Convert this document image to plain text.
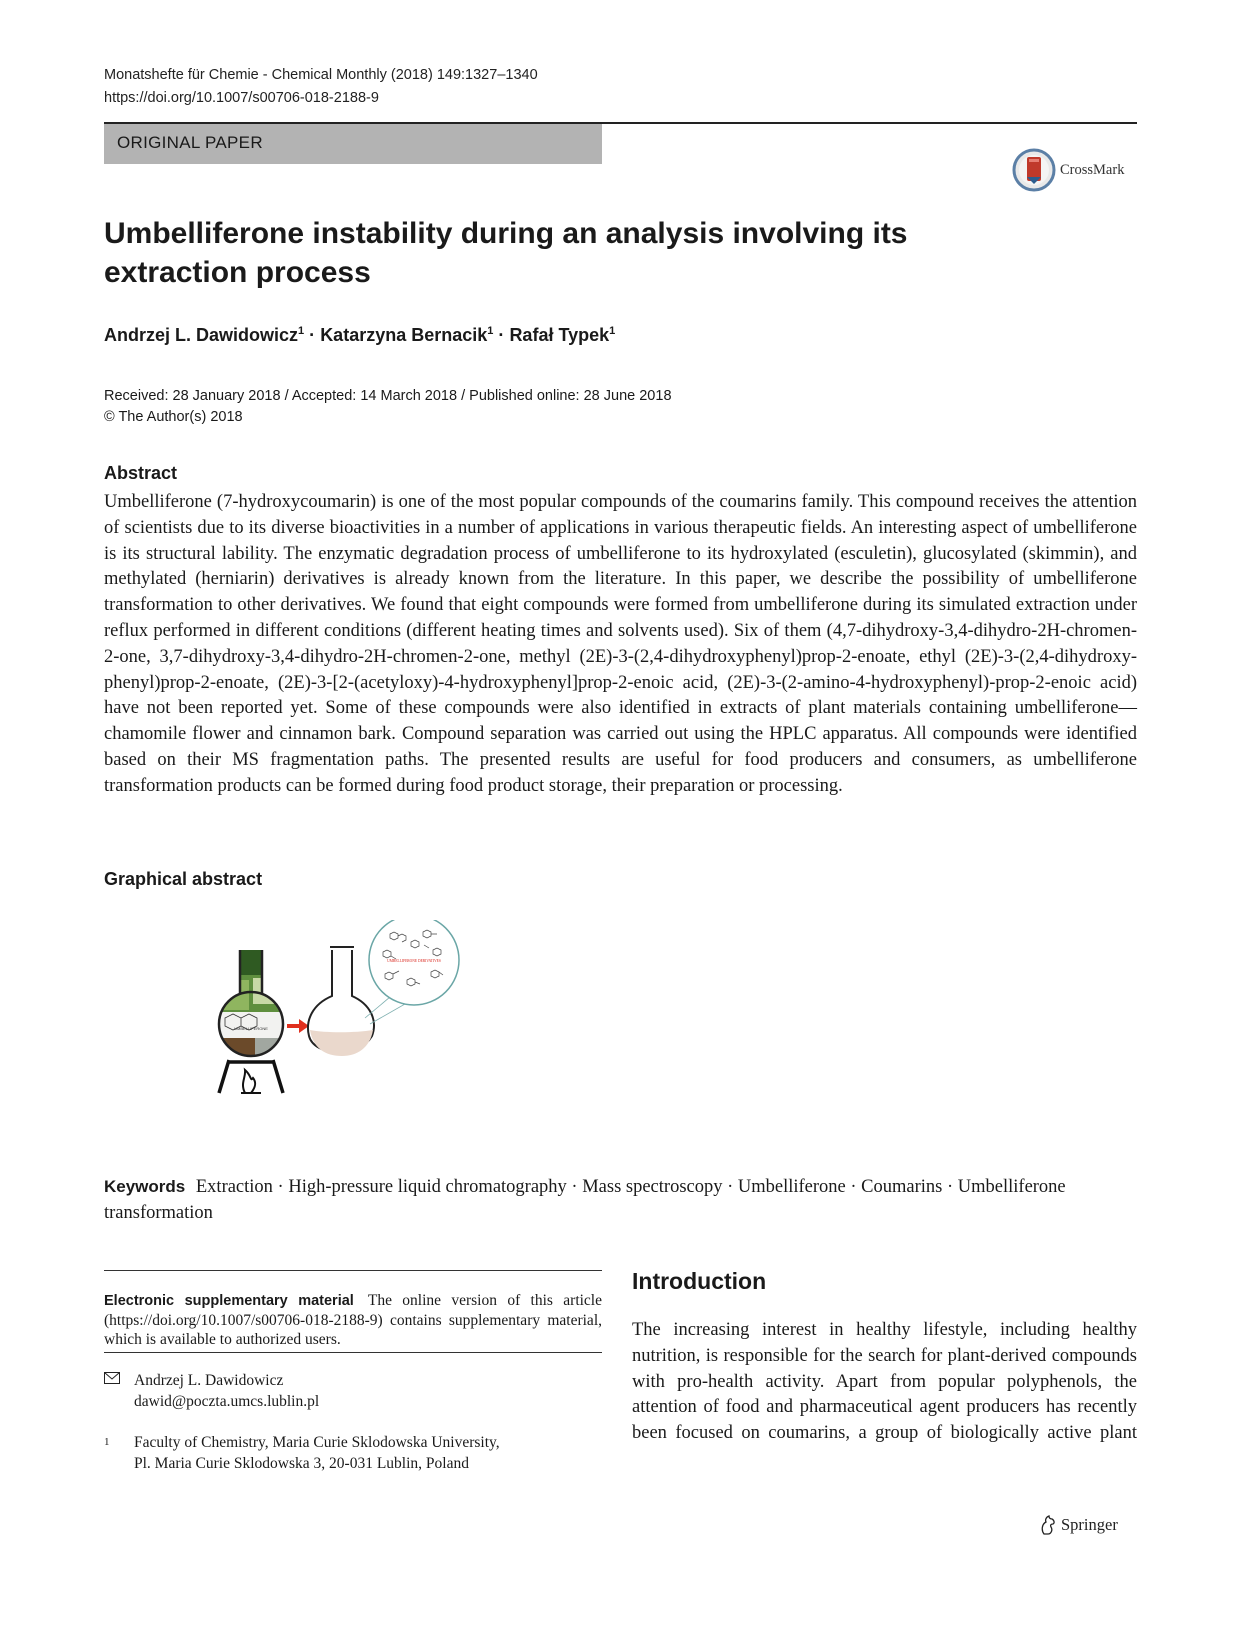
Monatshefte für Chemie - Chemical Monthly (2018) 149:1327–1340
https://doi.org/10.1007/s00706-018-2188-9
ORIGINAL PAPER
CrossMark
Umbelliferone instability during an analysis involving its extraction process
Andrzej L. Dawidowicz$^1$ · Katarzyna Bernacik$^1$ · Rafał Typek$^1$
Received: 28 January 2018 / Accepted: 14 March 2018 / Published online: 28 June 2018
© The Author(s) 2018
Abstract

Umbelliferone (7-hydroxycoumarin) is one of the most popular compounds of the coumarins family. This compound receives the attention of scientists due to its diverse bioactivities in a number of applications in various therapeutic fields. An interesting aspect of umbelliferone is its structural lability. The enzymatic degradation process of umbelliferone to its hydroxylated (esculetin), glucosylated (skimmin), and methylated (herniarin) derivatives is already known from the literature. In this paper, we describe the possibility of umbelliferone transformation to other derivatives. We found that eight compounds were formed from umbelliferone during its simulated extraction under reflux performed in different conditions (different heating times and solvents used). Six of them (4,7-dihydroxy-3,4-dihydro-2H-chromen-2-one, 3,7-dihydroxy-3,4-dihydro-2H-chromen-2-one, methyl (2E)-3-(2,4-dihydroxyphenyl)prop-2-enoate, ethyl (2E)-3-(2,4-dihydroxyphenyl)prop-2-enoate, (2E)-3-[2-(acetyloxy)-4-hydroxyphenyl]prop-2-enoic acid, (2E)-3-(2-amino-4-hydroxyphenyl)-prop-2-enoic acid) have not been reported yet. Some of these compounds were also identified in extracts of plant materials containing umbelliferone—chamomile flower and cinnamon bark. Compound separation was carried out using the HPLC apparatus. All compounds were identified based on their MS fragmentation paths. The presented results are useful for food producers and consumers, as umbelliferone transformation products can be formed during food product storage, their preparation or processing.

Graphical abstract
UMBELLIFERONE
UMBELLIFERONE DERIVATIVES
Keywords Extraction · High-pressure liquid chromatography · Mass spectroscopy · Umbelliferone · Coumarins · Umbelliferone transformation
Electronic supplementary material The online version of this article (https://doi.org/10.1007/s00706-018-2188-9) contains supplementary material, which is available to authorized users.
Andrzej L. Dawidowicz
dawid@poczta.umcs.lublin.pl
1	Faculty of Chemistry, Maria Curie Sklodowska University,
Pl. Maria Curie Sklodowska 3, 20-031 Lublin, Poland
Introduction

The increasing interest in healthy lifestyle, including healthy nutrition, is responsible for the search for plant-derived compounds with pro-health activity. Apart from popular polyphenols, the attention of food and pharmaceutical agent producers has recently been focused on coumarins, a group of biologically active plant

Springer
